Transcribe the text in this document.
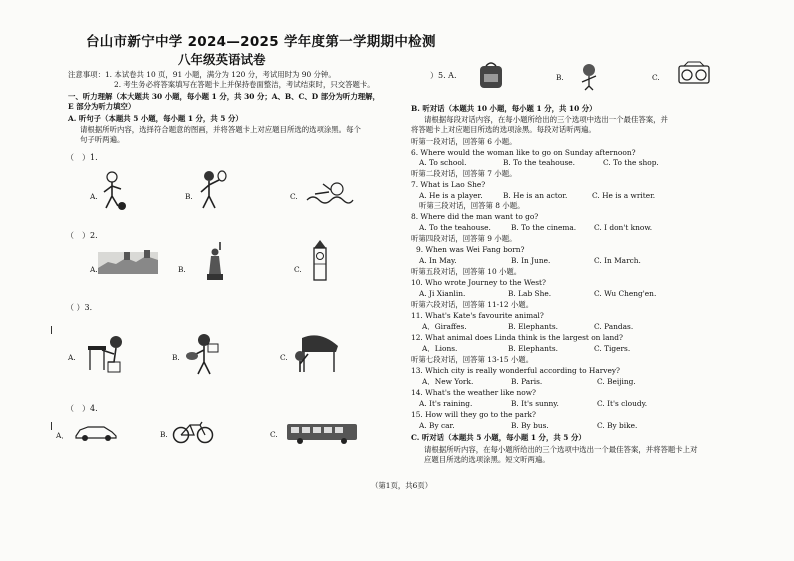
台山市新宁中学 2024—2025 学年度第一学期期中检测
八年级英语试卷
注意事项：1. 本试卷共 10 页，91 小题，满分为 120 分，考试用时为 90 分钟。
2. 考生务必将答案填写在答题卡上并保持卷面整洁，考试结束时，只交答题卡。
一、听力理解（本大题共 30 小题，每小题 1 分，共 30 分；A、B、C、D 部分为听力理解，
E 部分为听力填空）
A. 听句子（本题共 5 小题，每小题 1 分，共 5 分）
请根据所听内容，选择符合题意的图画，并将答题卡上对应题目所选的选项涂黑。每个
句子听两遍。
（　）1.
A.	B.	C.
（　）2.
A.	B.	C.
（ ）3．
A.	B.	C.
（　）4.
A．	B.	C.
）5. A.	B.	C.
B. 听对话（本题共 10 小题，每小题 1 分，共 10 分）
请根据每段对话内容，在每小题所给出的三个选项中选出一个最佳答案，并
将答题卡上对应题目所选的选项涂黑。每段对话听两遍。
听第一段对话，回答第 6 小题。
6. Where would the woman like to go on Sunday afternoon?
A. To school.	B. To the teahouse.	C. To the shop.
听第二段对话，回答第 7 小题。
7. What is Lao She?
A. He is a player.	B. He is an actor.	C. He is a writer.
听第三段对话，回答第 8 小题。
8. Where did the man want to go?
A. To the teahouse.	B. To the cinema. C. I don't know.
听第四段对话，回答第 9 小题。
9. When was Wei Fang born?
A. In May.	B. In June.	C. In March.
听第五段对话，回答第 10 小题。
10. Who wrote Journey to the West?
A. Ji Xianlin.	B. Lab She.	C. Wu Cheng'en.
听第六段对话，回答第 11-12 小题。
11. What's Kate's favourite animal?
A．Giraffes.	B. Elephants.	C. Pandas.
12. What animal does Linda think is the largest on land?
A．Lions.	B. Elephants.	C. Tigers.
听第七段对话，回答第 13-15 小题。
13. Which city is really wonderful according to Harvey?
A．New York.	B. Paris.	C. Beijing.
14. What's the weather like now?
A. It's raining.	B. It's sunny.	C. It's cloudy.
15. How will they go to the park?
A. By car.	B. By bus.	C. By bike.
C. 听对话（本题共 5 小题，每小题 1 分，共 5 分）
请根据所听内容，在每小题所给出的三个选项中选出一个最佳答案，并将答题卡上对
应题目所选的选项涂黑。短文听两遍。
（第1页，共6页）
